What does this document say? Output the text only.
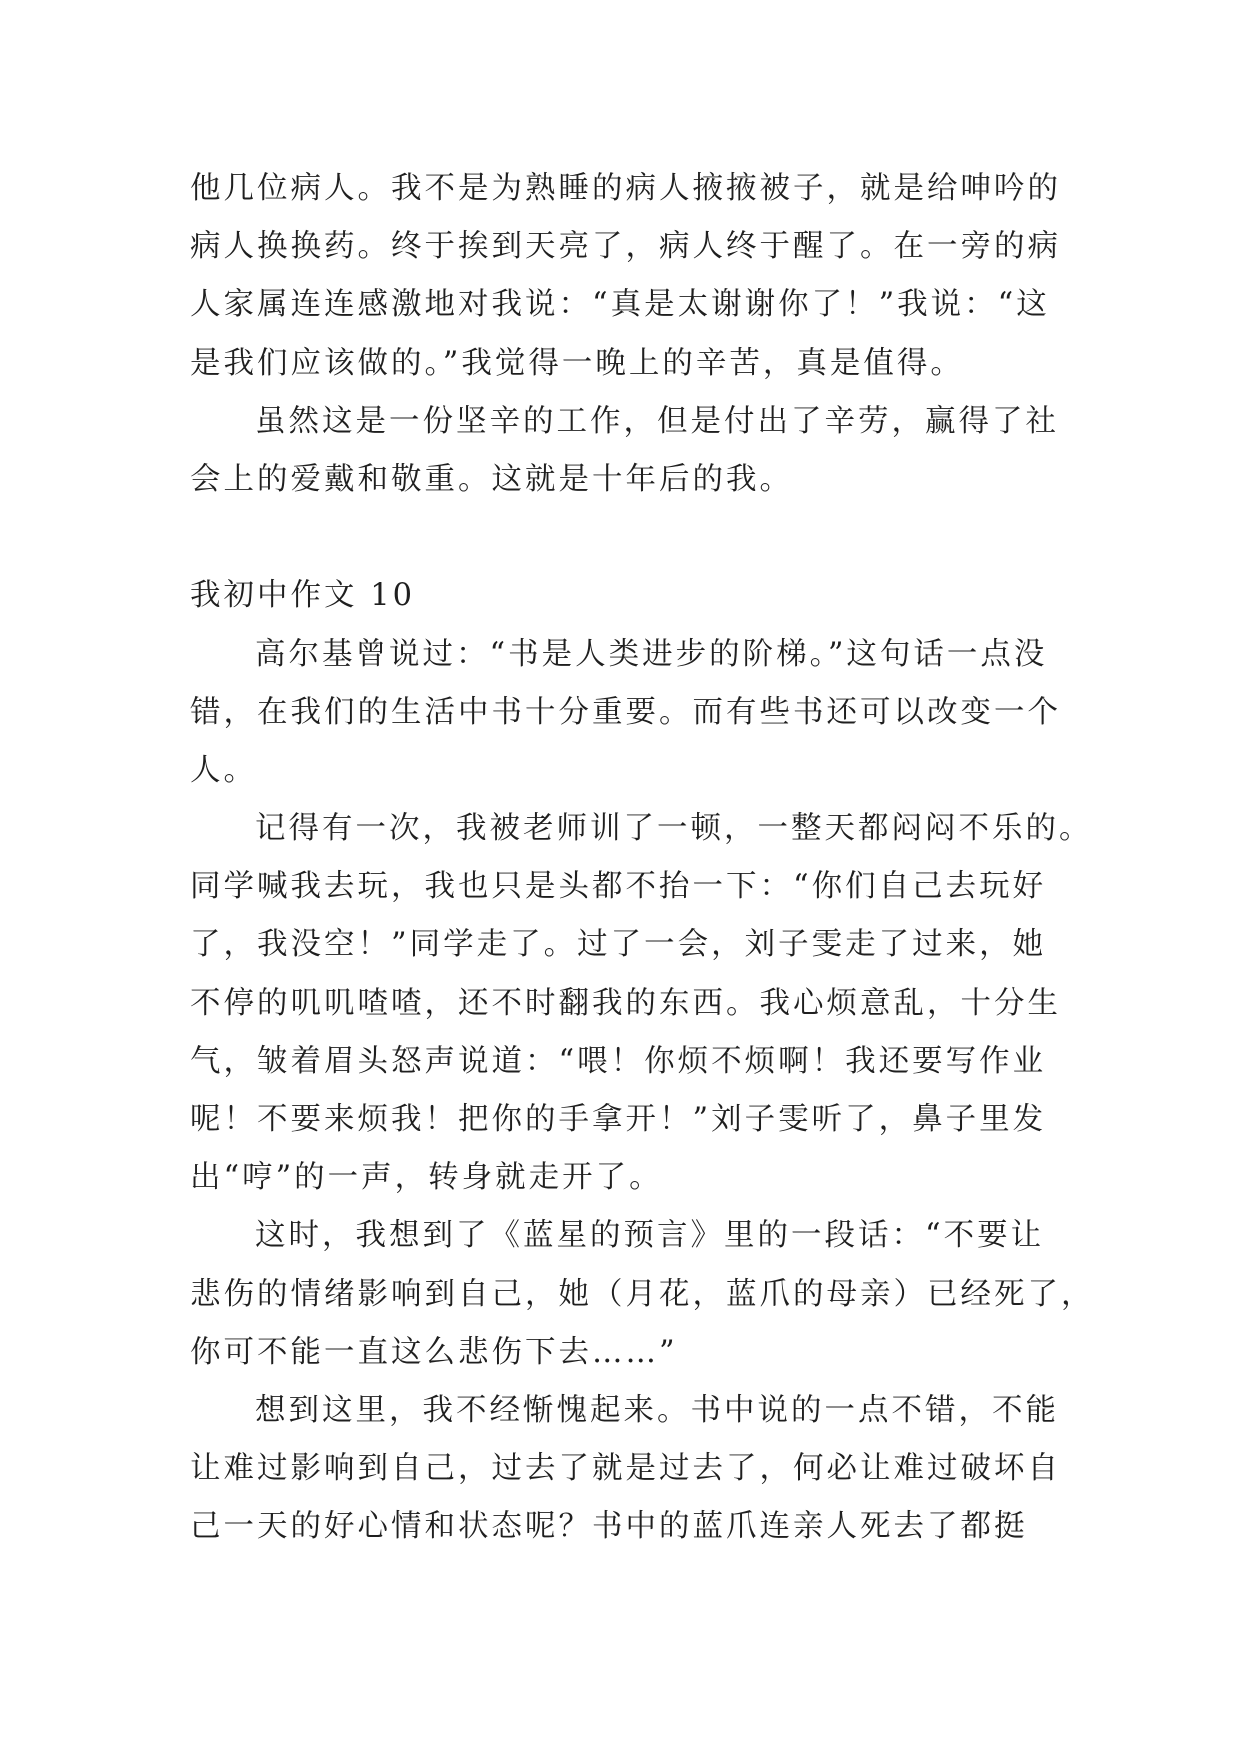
他几位病人。我不是为熟睡的病人掖掖被子，就是给呻吟的
病人换换药。终于挨到天亮了，病人终于醒了。在一旁的病
人家属连连感激地对我说：“真是太谢谢你了！”我说：“这
是我们应该做的。”我觉得一晚上的辛苦，真是值得。
虽然这是一份坚辛的工作，但是付出了辛劳，赢得了社
会上的爱戴和敬重。这就是十年后的我。
我初中作文 10
高尔基曾说过：“书是人类进步的阶梯。”这句话一点没
错，在我们的生活中书十分重要。而有些书还可以改变一个
人。
记得有一次，我被老师训了一顿，一整天都闷闷不乐的。
同学喊我去玩，我也只是头都不抬一下：“你们自己去玩好
了，我没空！”同学走了。过了一会，刘子雯走了过来，她
不停的叽叽喳喳，还不时翻我的东西。我心烦意乱，十分生
气，皱着眉头怒声说道：“喂！你烦不烦啊！我还要写作业
呢！不要来烦我！把你的手拿开！”刘子雯听了，鼻子里发
出“哼”的一声，转身就走开了。
这时，我想到了《蓝星的预言》里的一段话：“不要让
悲伤的情绪影响到自己，她（月花，蓝爪的母亲）已经死了，
你可不能一直这么悲伤下去……”
想到这里，我不经惭愧起来。书中说的一点不错，不能
让难过影响到自己，过去了就是过去了，何必让难过破坏自
己一天的好心情和状态呢？书中的蓝爪连亲人死去了都挺
